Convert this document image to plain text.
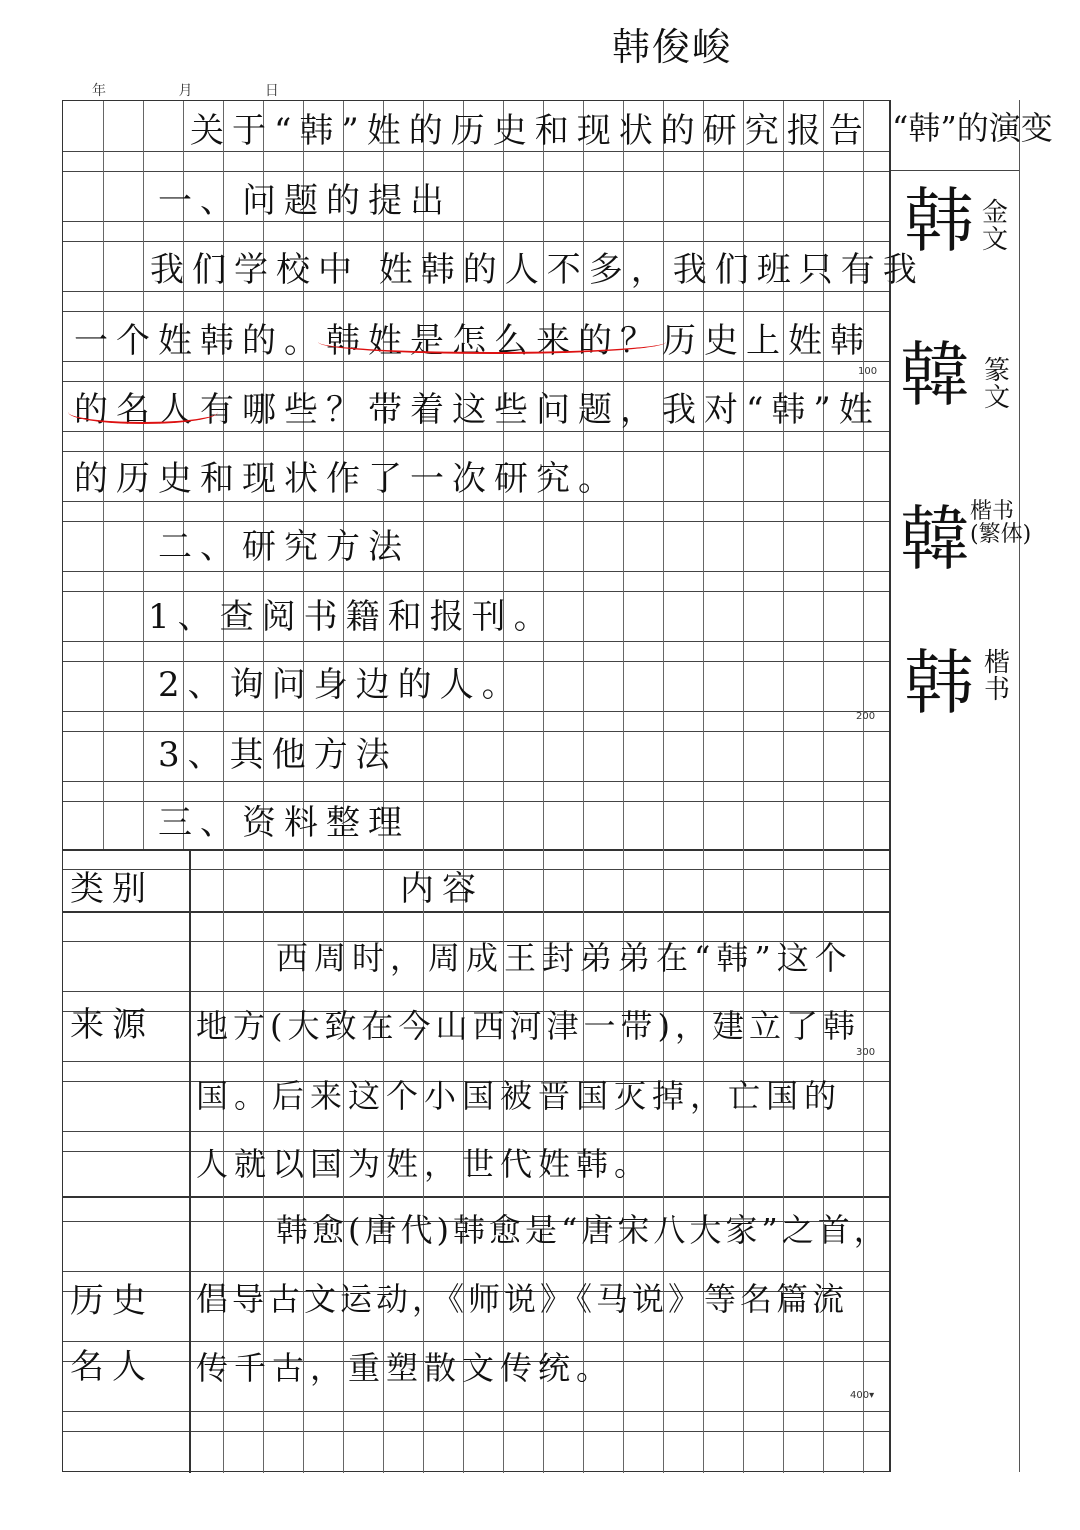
韩俊峻
年 月 日
100
200
300
400▾
关于“韩”姓的历史和现状的研究报告
一、问题的提出
我们学校中 姓韩的人不多，我们班只有我
一个姓韩的。韩姓是怎么来的？历史上姓韩
的名人有哪些？带着这些问题，我对“韩”姓
的历史和现状作了一次研究。
二、研究方法
1、查阅书籍和报刊。
2、询问身边的人。
3、其他方法
三、资料整理
类别	内容
来源
西周时，周成王封弟弟在“韩”这个
地方(大致在今山西河津一带)，建立了韩
国。后来这个小国被晋国灭掉，亡国的
人就以国为姓，世代姓韩。
历史
名人
韩愈(唐代)韩愈是“唐宋八大家”之首，
倡导古文运动，《师说》《马说》等名篇流
传千古，重塑散文传统。
“韩”的演变
韩 金文
韓 篆文
韓 楷书(繁体)
韩 楷书
